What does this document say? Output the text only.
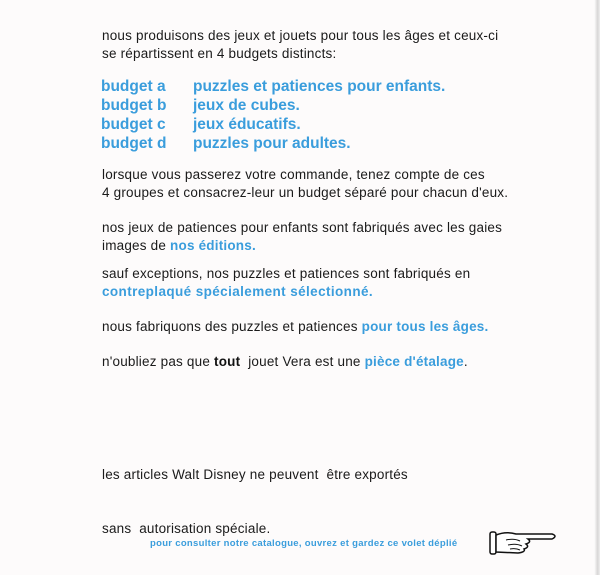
nous produisons des jeux et jouets pour tous les âges et ceux-ci
se répartissent en 4 budgets distincts:
budget a	puzzles et patiences pour enfants.
budget b	jeux de cubes.
budget c	jeux éducatifs.
budget d	puzzles pour adultes.
lorsque vous passerez votre commande, tenez compte de ces
4 groupes et consacrez-leur un budget séparé pour chacun d'eux.
nos jeux de patiences pour enfants sont fabriqués avec les gaies
images de nos éditions.
sauf exceptions, nos puzzles et patiences sont fabriqués en
contreplaqué spécialement sélectionné.
nous fabriquons des puzzles et patiences pour tous les âges.
n'oubliez pas que tout  jouet Vera est une pièce d'étalage.

les articles Walt Disney ne peuvent  être exportés

sans  autorisation spéciale.

pour consulter notre catalogue, ouvrez et gardez ce volet déplié
